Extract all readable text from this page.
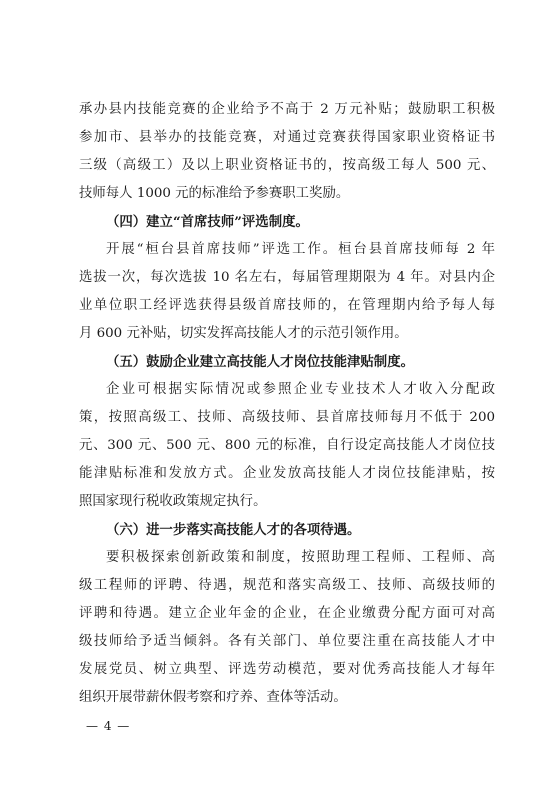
承办县内技能竞赛的企业给予不高于 2 万元补贴；鼓励职工积极
参加市、县举办的技能竞赛，对通过竞赛获得国家职业资格证书
三级（高级工）及以上职业资格证书的，按高级工每人 500 元、
技师每人 1000 元的标准给予参赛职工奖励。
（四）建立“首席技师”评选制度。
开展“桓台县首席技师”评选工作。桓台县首席技师每 2 年
选拔一次，每次选拔 10 名左右，每届管理期限为 4 年。对县内企
业单位职工经评选获得县级首席技师的，在管理期内给予每人每
月 600 元补贴，切实发挥高技能人才的示范引领作用。
（五）鼓励企业建立高技能人才岗位技能津贴制度。
企业可根据实际情况或参照企业专业技术人才收入分配政
策，按照高级工、技师、高级技师、县首席技师每月不低于 200
元、300 元、500 元、800 元的标准，自行设定高技能人才岗位技
能津贴标准和发放方式。企业发放高技能人才岗位技能津贴，按
照国家现行税收政策规定执行。
（六）进一步落实高技能人才的各项待遇。
要积极探索创新政策和制度，按照助理工程师、工程师、高
级工程师的评聘、待遇，规范和落实高级工、技师、高级技师的
评聘和待遇。建立企业年金的企业，在企业缴费分配方面可对高
级技师给予适当倾斜。各有关部门、单位要注重在高技能人才中
发展党员、树立典型、评选劳动模范，要对优秀高技能人才每年
组织开展带薪休假考察和疗养、查体等活动。
— 4 —
